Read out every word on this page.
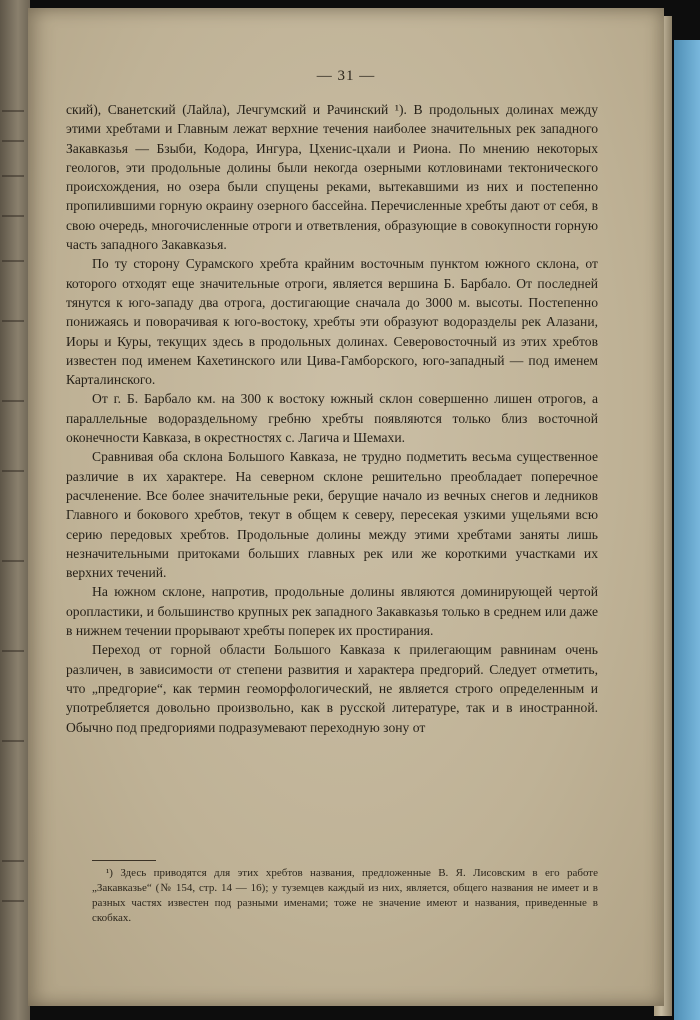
— 31 —

ский), Сванетский (Лайла), Лечгумский и Рачинский ¹). В продольных долинах между этими хребтами и Главным лежат верхние течения наиболее значительных рек западного Закавказья — Бзыби, Кодора, Ингура, Цхенис-цхали и Риона. По мнению некоторых геологов, эти продольные долины были некогда озерными котловинами тектонического происхождения, но озера были спущены реками, вытекавшими из них и постепенно пропилившими горную окраину озерного бассейна. Перечисленные хребты дают от себя, в свою очередь, многочисленные отроги и ответвления, образующие в совокупности горную часть западного Закавказья.

По ту сторону Сурамского хребта крайним восточным пунктом южного склона, от которого отходят еще значительные отроги, является вершина Б. Барбало. От последней тянутся к юго-западу два отрога, достигающие сначала до 3000 м. высоты. Постепенно понижаясь и поворачивая к юго-востоку, хребты эти образуют водоразделы рек Алазани, Иоры и Куры, текущих здесь в продольных долинах. Северовосточный из этих хребтов известен под именем Кахетинского или Цива-Гамборского, юго-западный — под именем Карталинского.

От г. Б. Барбало км. на 300 к востоку южный склон совершенно лишен отрогов, а параллельные водораздельному гребню хребты появляются только близ восточной оконечности Кавказа, в окрестностях с. Лагича и Шемахи.

Сравнивая оба склона Большого Кавказа, не трудно подметить весьма существенное различие в их характере. На северном склоне решительно преобладает поперечное расчленение. Все более значительные реки, берущие начало из вечных снегов и ледников Главного и бокового хребтов, текут в общем к северу, пересекая узкими ущельями всю серию передовых хребтов. Продольные долины между этими хребтами заняты лишь незначительными притоками больших главных рек или же короткими участками их верхних течений.

На южном склоне, напротив, продольные долины являются доминирующей чертой оропластики, и большинство крупных рек западного Закавказья только в среднем или даже в нижнем течении прорывают хребты поперек их простирания.

Переход от горной области Большого Кавказа к прилегающим равнинам очень различен, в зависимости от степени развития и характера предгорий. Следует отметить, что „предгорие“, как термин геоморфологический, не является строго определенным и употребляется довольно произвольно, как в русской литературе, так и в иностранной. Обычно под предгориями подразумевают переходную зону от

¹) Здесь приводятся для этих хребтов названия, предложенные В. Я. Лисовским в его работе „Закавказье“ (№ 154, стр. 14 — 16); у туземцев каждый из них, является, общего названия не имеет и в разных частях известен под разными именами; тоже не значение имеют и названия, приведенные в скобках.
